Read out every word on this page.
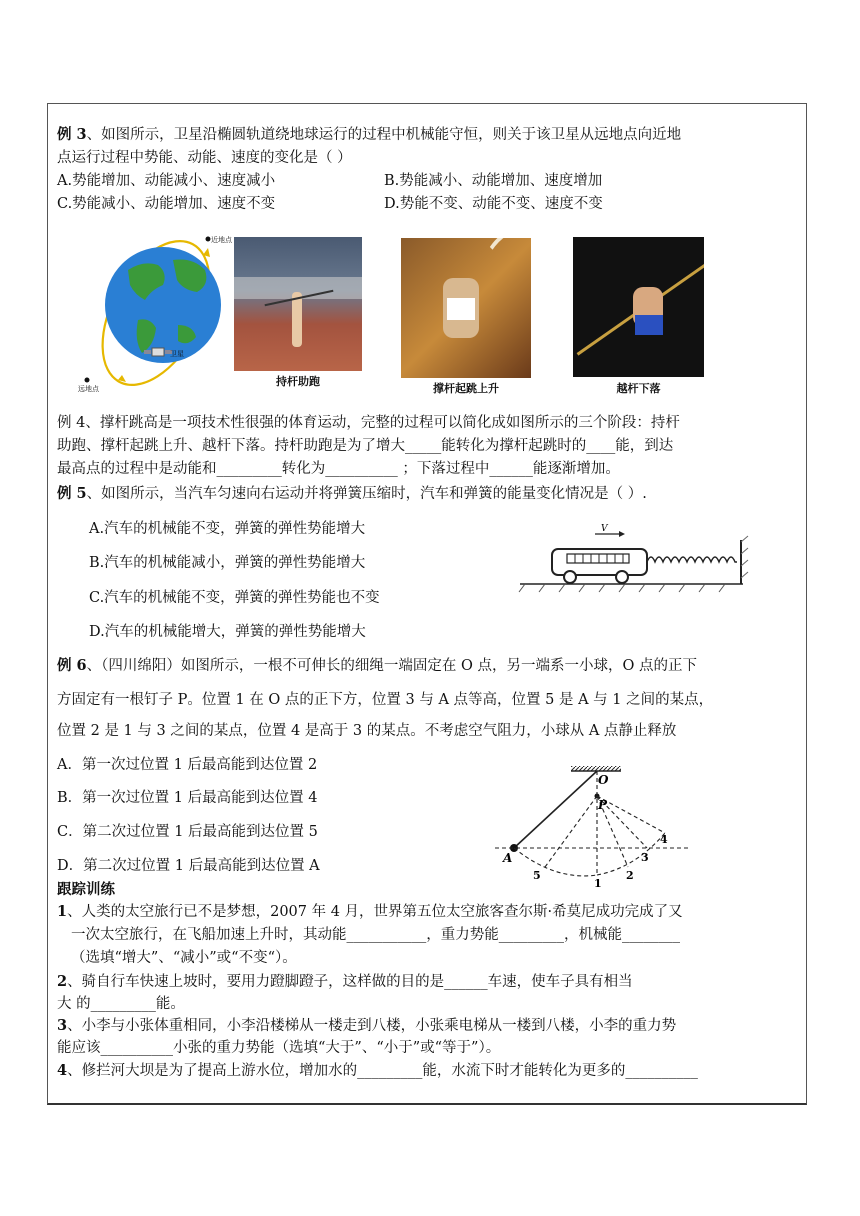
例 3、如图所示，卫星沿椭圆轨道绕地球运行的过程中机械能守恒，则关于该卫星从远地点向近地
点运行过程中势能、动能、速度的变化是（ ）
A.势能增加、动能减小、速度减小	B.势能减小、动能增加、速度增加
C.势能减小、动能增加、速度不变	D.势能不变、动能不变、速度不变
近地点
远地点
卫星
持杆助跑
撑杆起跳上升	越杆下落
例 4、撑杆跳高是一项技术性很强的体育运动，完整的过程可以简化成如图所示的三个阶段：持杆
助跑、撑杆起跳上升、越杆下落。持杆助跑是为了增大_____能转化为撑杆起跳时的____能，到达
最高点的过程中是动能和_________转化为__________ ；下落过程中______能逐渐增加。
例 5、如图所示，当汽车匀速向右运动并将弹簧压缩时，汽车和弹簧的能量变化情况是（ ）.
A.汽车的机械能不变，弹簧的弹性势能增大
B.汽车的机械能减小，弹簧的弹性势能增大
C.汽车的机械能不变，弹簧的弹性势能也不变
D.汽车的机械能增大，弹簧的弹性势能增大
V
例 6、（四川绵阳）如图所示，一根不可伸长的细绳一端固定在 O 点，另一端系一小球，O 点的正下
方固定有一根钉子 P。位置 1 在 O 点的正下方，位置 3 与 A 点等高，位置 5 是 A 与 1 之间的某点，
位置 2 是 1 与 3 之间的某点，位置 4 是高于 3 的某点。不考虑空气阻力，小球从 A 点静止释放
A．第一次过位置 1 后最高能到达位置 2
B．第一次过位置 1 后最高能到达位置 4
C．第二次过位置 1 后最高能到达位置 5
D．第二次过位置 1 后最高能到达位置 A
O
P
A
1
2
3
4
5
跟踪训练
1、人类的太空旅行已不是梦想，2007 年 4 月，世界第五位太空旅客查尔斯·希莫尼成功完成了又
一次太空旅行，在飞船加速上升时，其动能___________，重力势能_________，机械能________
（选填“增大”、“减小”或“不变“）。
2、骑自行车快速上坡时，要用力蹬脚蹬子，这样做的目的是______车速，使车子具有相当
大 的_________能。
3、小李与小张体重相同，小李沿楼梯从一楼走到八楼，小张乘电梯从一楼到八楼，小李的重力势
能应该__________小张的重力势能（选填“大于”、“小于”或“等于”）。
4、修拦河大坝是为了提高上游水位，增加水的_________能，水流下时才能转化为更多的__________
